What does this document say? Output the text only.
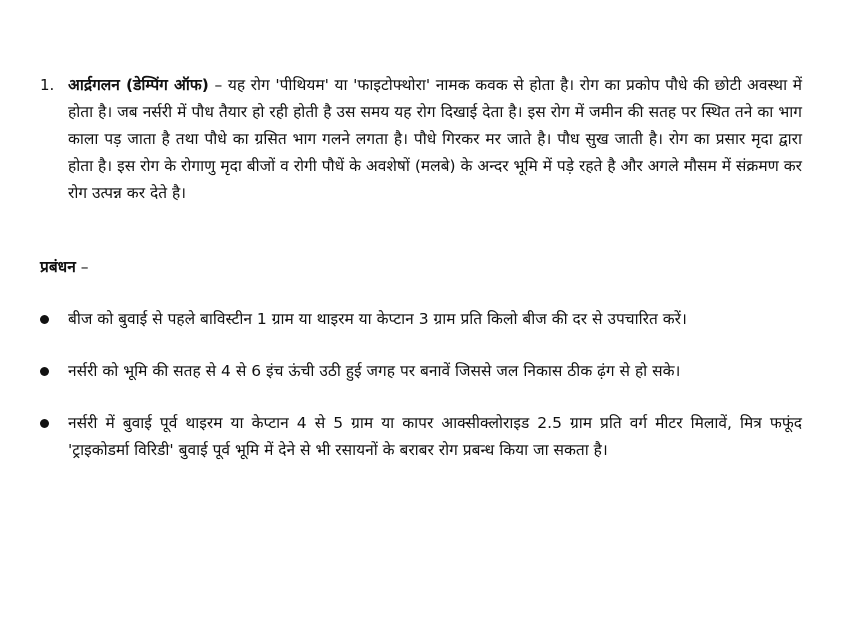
1. आर्द्रगलन (डेम्पिंग ऑफ) – यह रोग 'पीथियम' या 'फाइटोफ्थोरा' नामक कवक से होता है। रोग का प्रकोप पौधे की छोटी अवस्था में होता है। जब नर्सरी में पौध तैयार हो रही होती है उस समय यह रोग दिखाई देता है। इस रोग में जमीन की सतह पर स्थित तने का भाग काला पड़ जाता है तथा पौधे का ग्रसित भाग गलने लगता है। पौधे गिरकर मर जाते है। पौध सुख जाती है। रोग का प्रसार मृदा द्वारा होता है। इस रोग के रोगाणु मृदा बीजों व रोगी पौधें के अवशेषों (मलबे) के अन्दर भूमि में पड़े रहते है और अगले मौसम में संक्रमण कर रोग उत्पन्न कर देते है।

प्रबंधन –
बीज को बुवाई से पहले बाविस्टीन 1 ग्राम या थाइरम या केप्टान 3 ग्राम प्रति किलो बीज की दर से उपचारित करें।
नर्सरी को भूमि की सतह से 4 से 6 इंच ऊंची उठी हुई जगह पर बनावें जिससे जल निकास ठीक ढ़ंग से हो सके।
नर्सरी में बुवाई पूर्व थाइरम या केप्टान 4 से 5 ग्राम या कापर आक्सीक्लोराइड 2.5 ग्राम प्रति वर्ग मीटर मिलावें, मित्र फफूंद 'ट्राइकोडर्मा विरिडी' बुवाई पूर्व भूमि में देने से भी रसायनों के बराबर रोग प्रबन्ध किया जा सकता है।
